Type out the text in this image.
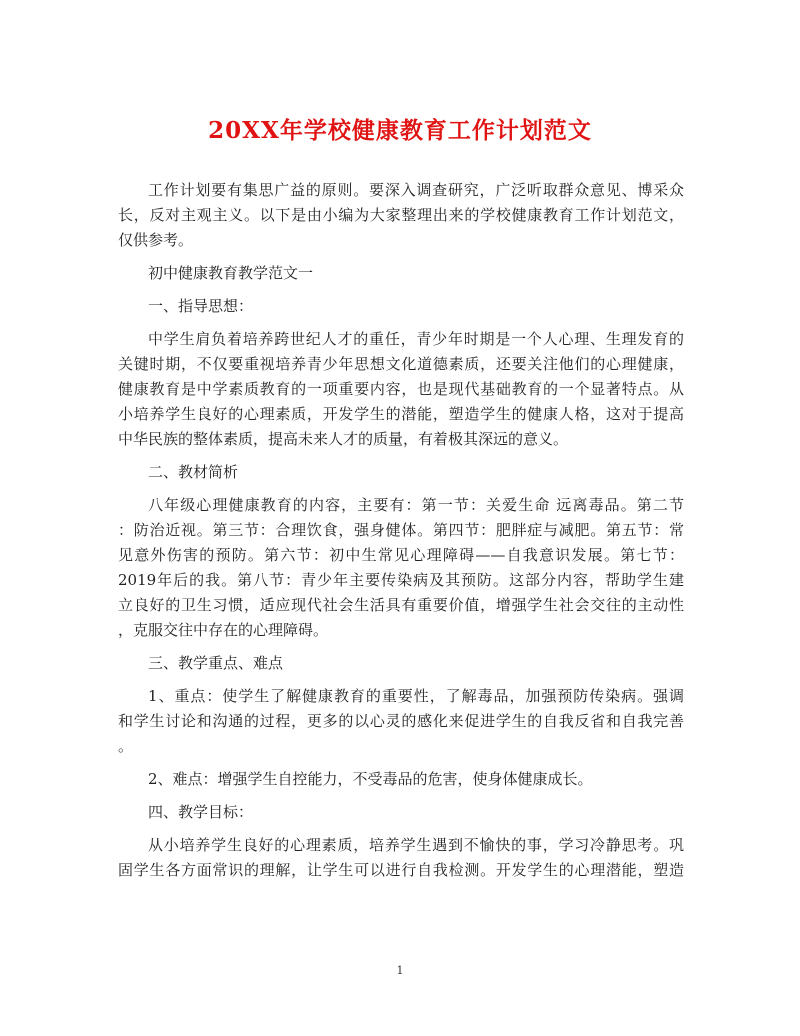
20XX年学校健康教育工作计划范文
工作计划要有集思广益的原则。要深入调查研究，广泛听取群众意见、博采众
长，反对主观主义。以下是由小编为大家整理出来的学校健康教育工作计划范文，
仅供参考。
初中健康教育教学范文一
一、指导思想：
中学生肩负着培养跨世纪人才的重任，青少年时期是一个人心理、生理发育的
关键时期，不仅要重视培养青少年思想文化道德素质，还要关注他们的心理健康，
健康教育是中学素质教育的一项重要内容，也是现代基础教育的一个显著特点。从
小培养学生良好的心理素质，开发学生的潜能，塑造学生的健康人格，这对于提高
中华民族的整体素质，提高未来人才的质量，有着极其深远的意义。
二、教材简析
八年级心理健康教育的内容，主要有：第一节：关爱生命 远离毒品。第二节
：防治近视。第三节：合理饮食，强身健体。第四节：肥胖症与减肥。第五节：常
见意外伤害的预防。第六节：初中生常见心理障碍——自我意识发展。第七节：
2019年后的我。第八节：青少年主要传染病及其预防。这部分内容，帮助学生建
立良好的卫生习惯，适应现代社会生活具有重要价值，增强学生社会交往的主动性
，克服交往中存在的心理障碍。
三、教学重点、难点
1、重点：使学生了解健康教育的重要性，了解毒品，加强预防传染病。强调
和学生讨论和沟通的过程，更多的以心灵的感化来促进学生的自我反省和自我完善
。
2、难点：增强学生自控能力，不受毒品的危害，使身体健康成长。
四、教学目标：
从小培养学生良好的心理素质，培养学生遇到不愉快的事，学习冷静思考。巩
固学生各方面常识的理解，让学生可以进行自我检测。开发学生的心理潜能，塑造
1
